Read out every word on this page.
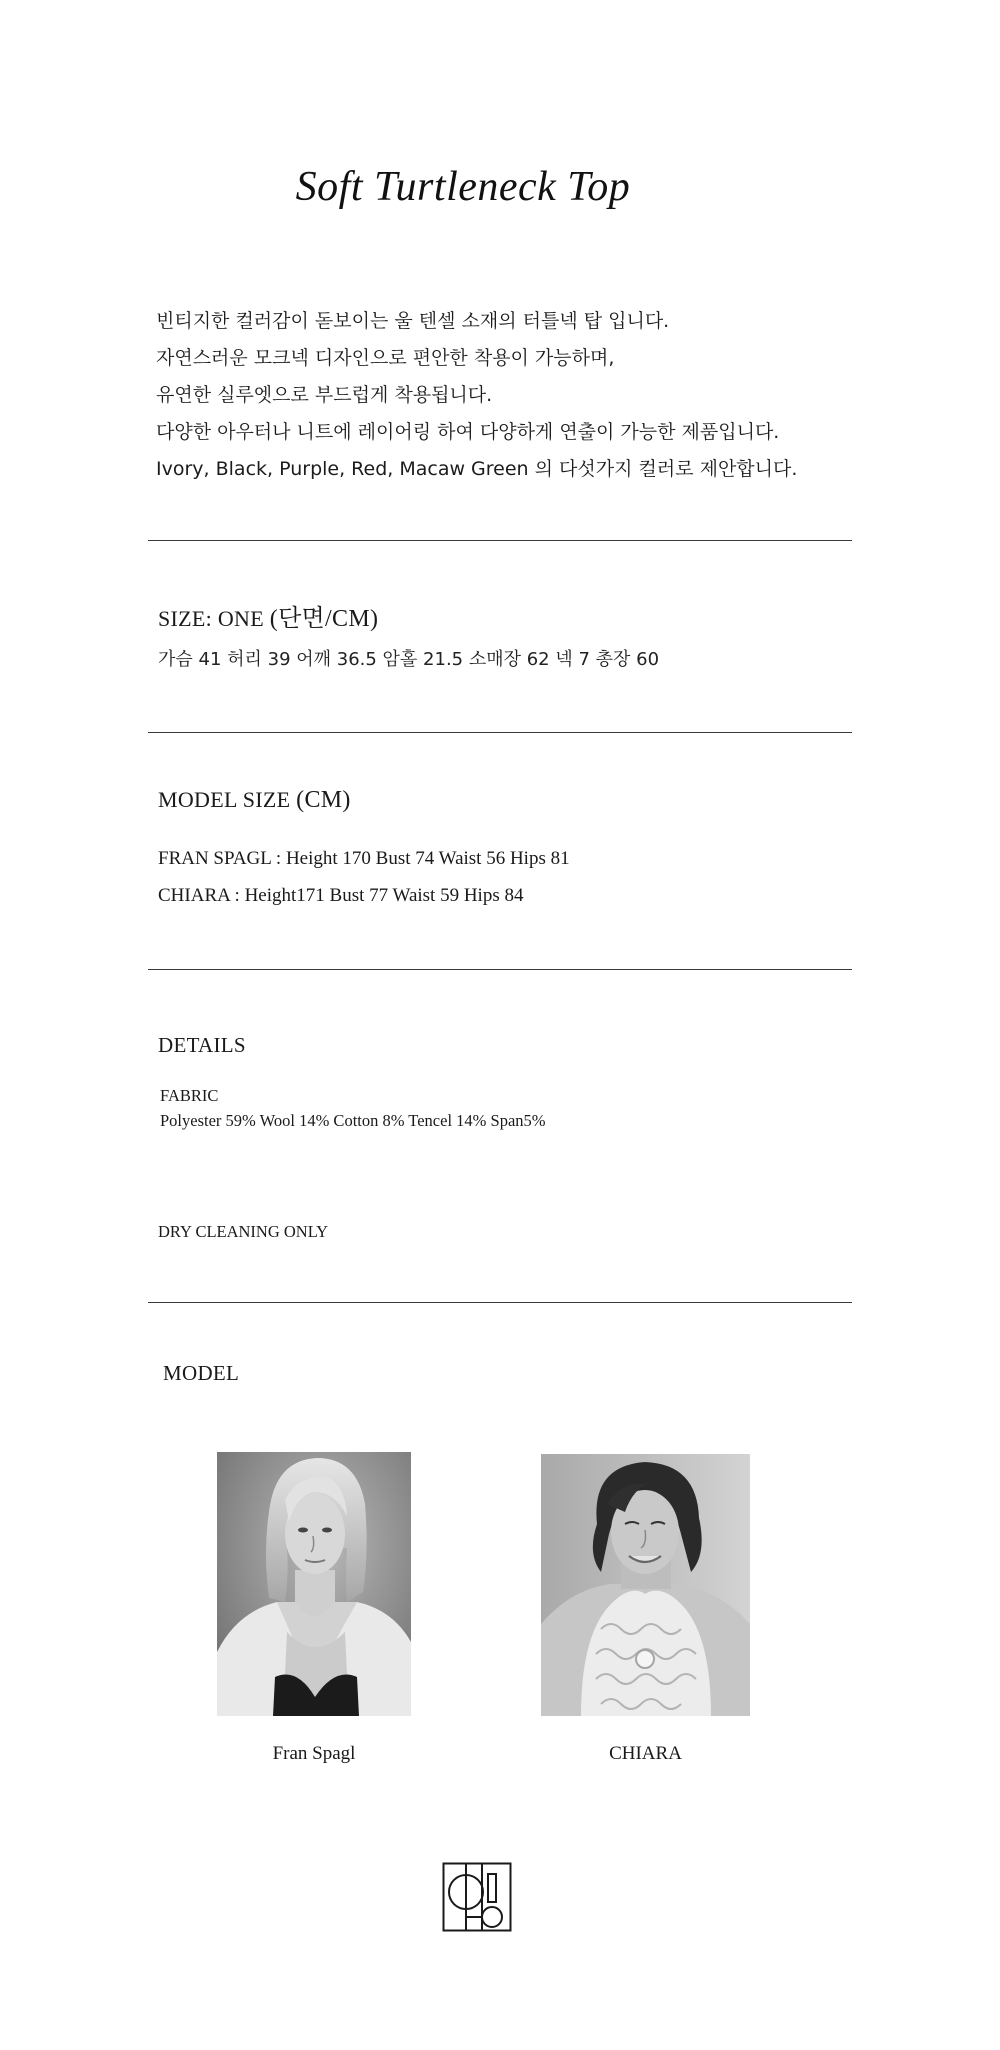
Soft Turtleneck Top
빈티지한 컬러감이 돋보이는 울 텐셀 소재의 터틀넥 탑 입니다.
자연스러운 모크넥 디자인으로 편안한 착용이 가능하며,
유연한 실루엣으로 부드럽게 착용됩니다.
다양한 아우터나 니트에 레이어링 하여 다양하게 연출이 가능한 제품입니다.
Ivory, Black, Purple, Red, Macaw Green 의 다섯가지 컬러로 제안합니다.
SIZE: ONE (단면/CM)
가슴 41 허리 39 어깨 36.5 암홀 21.5 소매장 62 넥 7 총장 60
MODEL SIZE (CM)
FRAN SPAGL : Height 170 Bust 74 Waist 56 Hips 81
CHIARA : Height171 Bust 77 Waist 59 Hips 84
DETAILS
FABRIC
Polyester 59% Wool 14% Cotton 8% Tencel 14% Span5%
DRY CLEANING ONLY
MODEL
Fran Spagl	CHIARA
